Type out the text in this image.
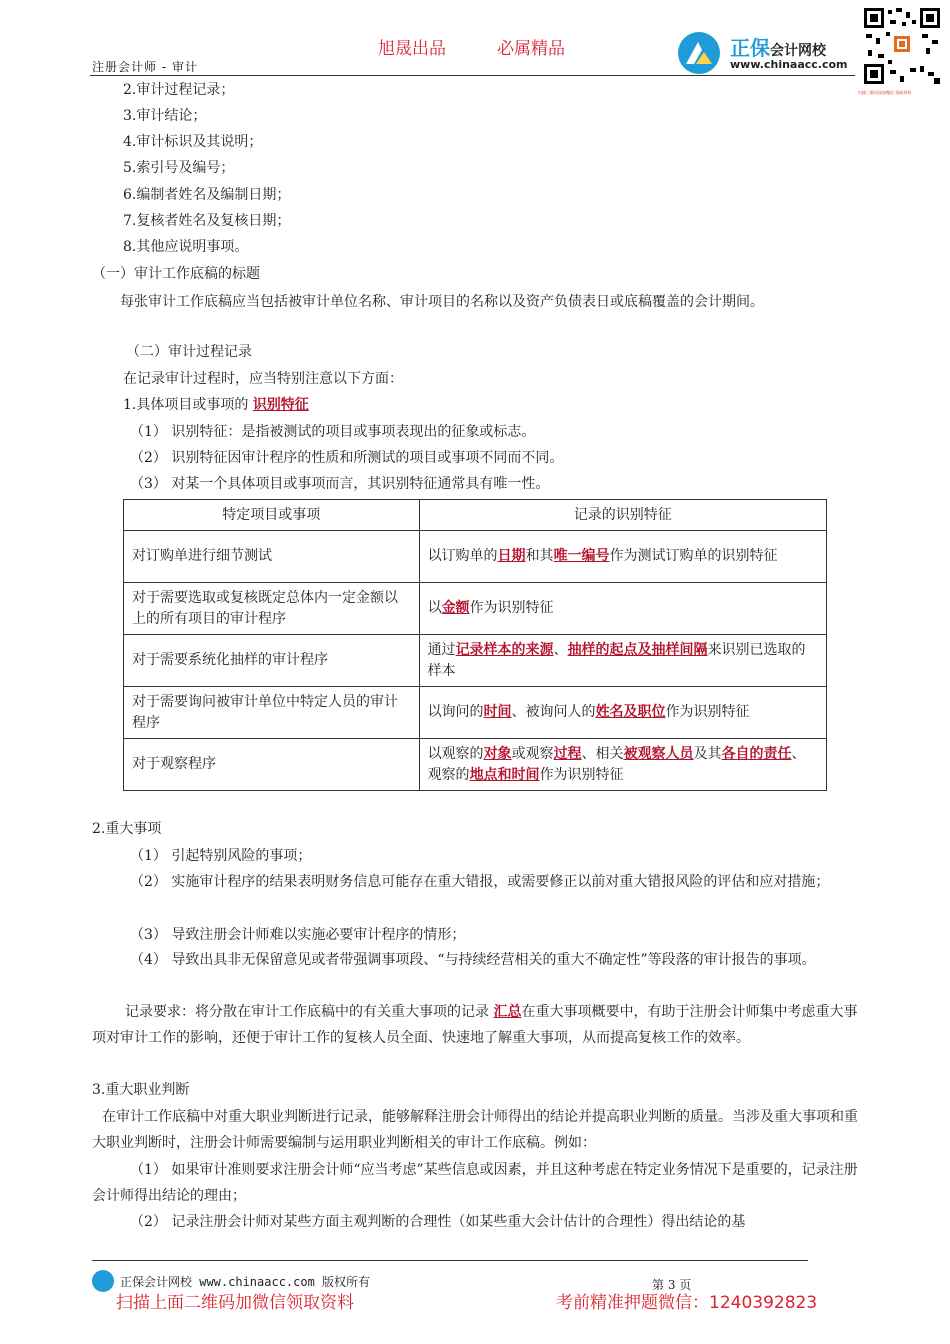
旭晟出品	必属精品
注册会计师 - 审计
正保会计网校
www.chinaacc.com
扫描二维码添加微信 领取资料
2.审计过程记录；
3.审计结论；
4.审计标识及其说明；
5.索引号及编号；
6.编制者姓名及编制日期；
7.复核者姓名及复核日期；
8.其他应说明事项。
（一）审计工作底稿的标题
每张审计工作底稿应当包括被审计单位名称、审计项目的名称以及资产负债表日或底稿覆盖的会计期间。
（二）审计过程记录
在记录审计过程时，应当特别注意以下方面：
1.具体项目或事项的 识别特征
（1） 识别特征：是指被测试的项目或事项表现出的征象或标志。
（2） 识别特征因审计程序的性质和所测试的项目或事项不同而不同。
（3） 对某一个具体项目或事项而言，其识别特征通常具有唯一性。
特定项目或事项	记录的识别特征
对订购单进行细节测试	以订购单的日期和其唯一编号作为测试订购单的识别特征
对于需要选取或复核既定总体内一定金额以上的所有项目的审计程序	以金额作为识别特征
对于需要系统化抽样的审计程序	通过记录样本的来源、抽样的起点及抽样间隔来识别已选取的样本
对于需要询问被审计单位中特定人员的审计程序	以询问的时间、被询问人的姓名及职位作为识别特征
对于观察程序	以观察的对象或观察过程、相关被观察人员及其各自的责任、观察的地点和时间作为识别特征
2.重大事项
（1） 引起特别风险的事项；
（2） 实施审计程序的结果表明财务信息可能存在重大错报，或需要修正以前对重大错报风险的评估和应对措施；
（3） 导致注册会计师难以实施必要审计程序的情形；
（4） 导致出具非无保留意见或者带强调事项段、“与持续经营相关的重大不确定性”等段落的审计报告的事项。
记录要求：将分散在审计工作底稿中的有关重大事项的记录 汇总在重大事项概要中，有助于注册会计师集中考虑重大事项对审计工作的影响，还便于审计工作的复核人员全面、快速地了解重大事项，从而提高复核工作的效率。
3.重大职业判断
在审计工作底稿中对重大职业判断进行记录，能够解释注册会计师得出的结论并提高职业判断的质量。当涉及重大事项和重大职业判断时，注册会计师需要编制与运用职业判断相关的审计工作底稿。例如：
（1） 如果审计准则要求注册会计师“应当考虑”某些信息或因素，并且这种考虑在特定业务情况下是重要的，记录注册会计师得出结论的理由；
（2） 记录注册会计师对某些方面主观判断的合理性（如某些重大会计估计的合理性）得出结论的基
正保会计网校 www.chinaacc.com 版权所有	第 3 页
扫描上面二维码加微信领取资料	考前精准押题微信：1240392823
